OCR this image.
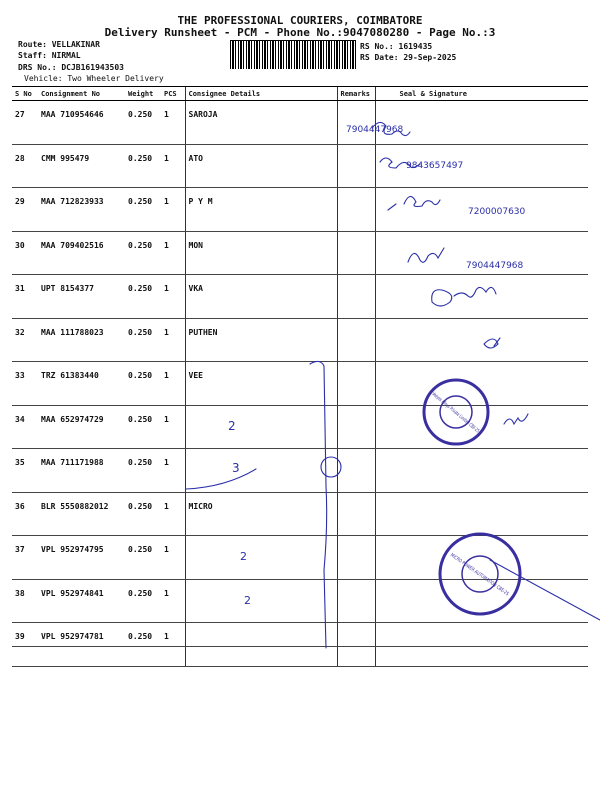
THE PROFESSIONAL COURIERS, COIMBATORE
Delivery Runsheet - PCM - Phone No.:9047080280 - Page No.:3
Route: VELLAKINAR
Staff: NIRMAL
DRS No.: DCJB161943503
Vehicle: Two Wheeler Delivery
RS No.: 1619435
RS Date: 29-Sep-2025
S No	Consignment No	Weight	PCS	Consignee Details	Remarks	Seal & Signature
27	MAA 710954646	0.250	1	SAROJA		
28	CMM 995479	0.250	1	ATO		
29	MAA 712823933	0.250	1	P Y M		
30	MAA 709402516	0.250	1	MON		
31	UPT 8154377	0.250	1	VKA		
32	MAA 111788023	0.250	1	PUTHEN		
33	TRZ 61383440	0.250	1	VEE		
34	MAA 652974729	0.250	1			
35	MAA 711171988	0.250	1			
36	BLR 5550882012	0.250	1	MICRO		
37	VPL 952974795	0.250	1			
38	VPL 952974841	0.250	1			
39	VPL 952974781	0.250	1			
7904447968
9843657497
7200007630
7904447968
2
3
2
2
Veeyes Alloys Private Limited CBE-25
MICRO POWER AUTOMATION CBE-25
